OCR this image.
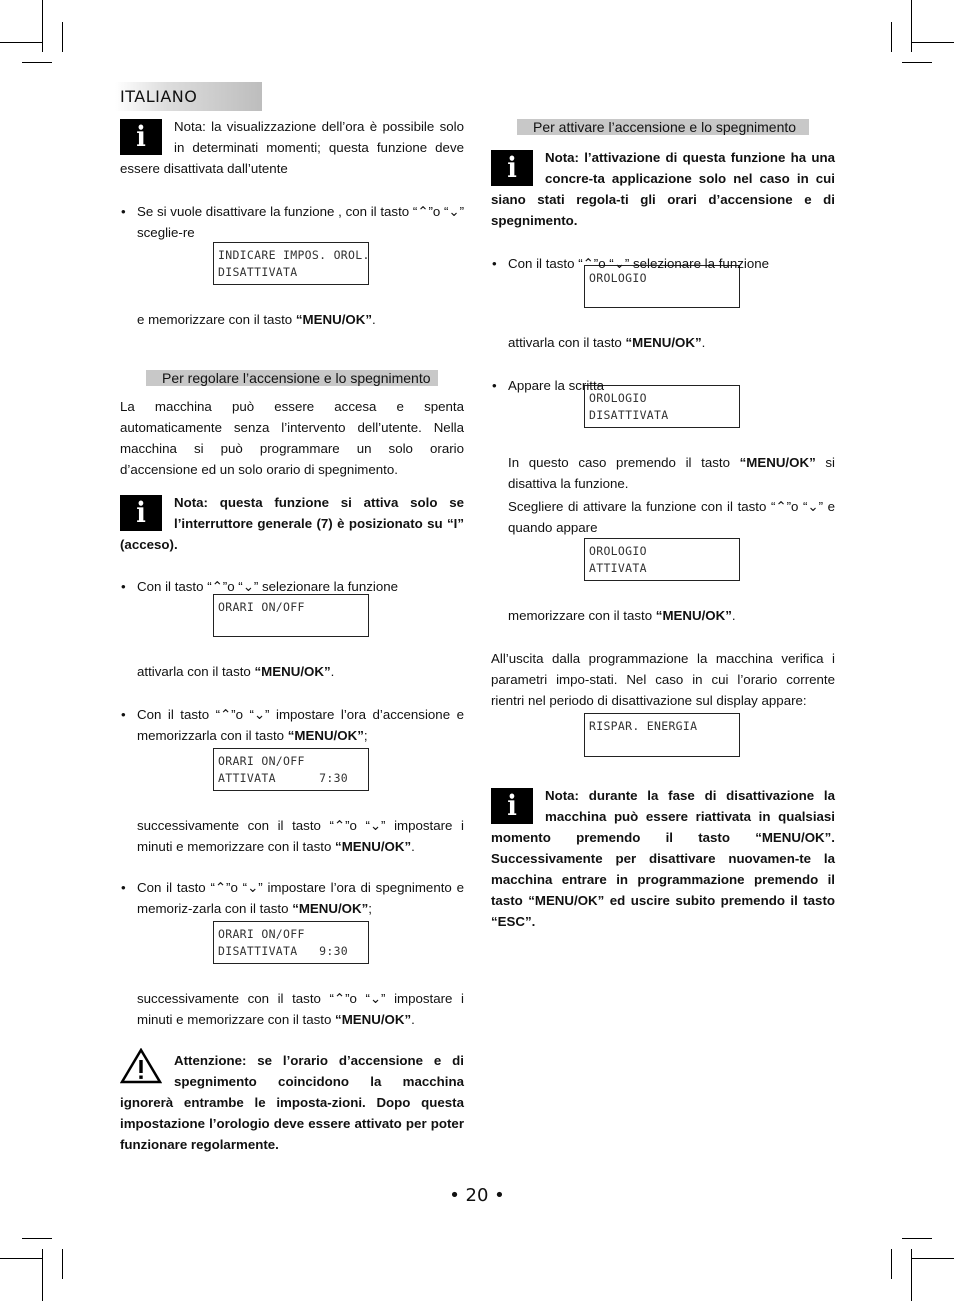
ITALIANO
i	Nota: la visualizzazione dell’ora è possibile solo in determinati momenti; questa funzione deve essere disattivata dall’utente
• Se si vuole disattivare la funzione , con il tasto “⌃”o “⌄” sceglie-re
INDICARE IMPOS. OROL.
DISATTIVATA
e memorizzare con il tasto “MENU/OK”.
Per regolare l’accensione e lo spegnimento

La macchina può essere accesa e spenta automaticamente senza l’intervento dell’utente. Nella macchina si può programmare un solo orario d’accensione ed un solo orario di spegnimento.

i	Nota: questa funzione si attiva solo se l’interruttore generale (7) è posizionato su “I” (acceso).
• Con il tasto “⌃”o “⌄” selezionare la funzione
ORARI ON/OFF
attivarla con il tasto “MENU/OK”.
• Con il tasto “⌃”o “⌄” impostare l’ora d’accensione e memorizzarla con il tasto “MENU/OK”;
ORARI ON/OFF
ATTIVATA      7:30
successivamente con il tasto “⌃”o “⌄” impostare i minuti e memorizzare con il tasto “MENU/OK”.
• Con il tasto “⌃”o “⌄” impostare l’ora di spegnimento e memoriz-zarla con il tasto “MENU/OK”;
ORARI ON/OFF
DISATTIVATA   9:30
successivamente con il tasto “⌃”o “⌄” impostare i minuti e memorizzare con il tasto “MENU/OK”.
Attenzione: se l’orario d’accensione e di spegnimento coincidono la macchina ignorerà entrambe le imposta-zioni. Dopo questa impostazione l’orologio deve essere attivato per poter funzionare regolarmente.
Per attivare l’accensione e lo spegnimento
i	Nota: l’attivazione di questa funzione ha una concre-ta applicazione solo nel caso in cui siano stati regola-ti gli orari d’accensione e di spegnimento.
• Con il tasto “⌃”o “⌄” selezionare la funzione
OROLOGIO
attivarla con il tasto “MENU/OK”.
• Appare la scritta
OROLOGIO
DISATTIVATA
In questo caso premendo il tasto “MENU/OK” si disattiva la funzione.
Scegliere di attivare la funzione con il tasto “⌃”o “⌄” e quando appare
OROLOGIO
ATTIVATA
memorizzare con il tasto “MENU/OK”.

All’uscita dalla programmazione la macchina verifica i parametri impo-stati. Nel caso in cui l’orario corrente rientri nel periodo di disattivazione sul display appare:

RISPAR. ENERGIA
i	Nota: durante la fase di disattivazione la macchina può essere riattivata in qualsiasi momento premendo il tasto “MENU/OK”. Successivamente per disattivare nuovamen-te la macchina entrare in programmazione premendo il tasto “MENU/OK” ed uscire subito premendo il tasto “ESC”.
• 20 •
